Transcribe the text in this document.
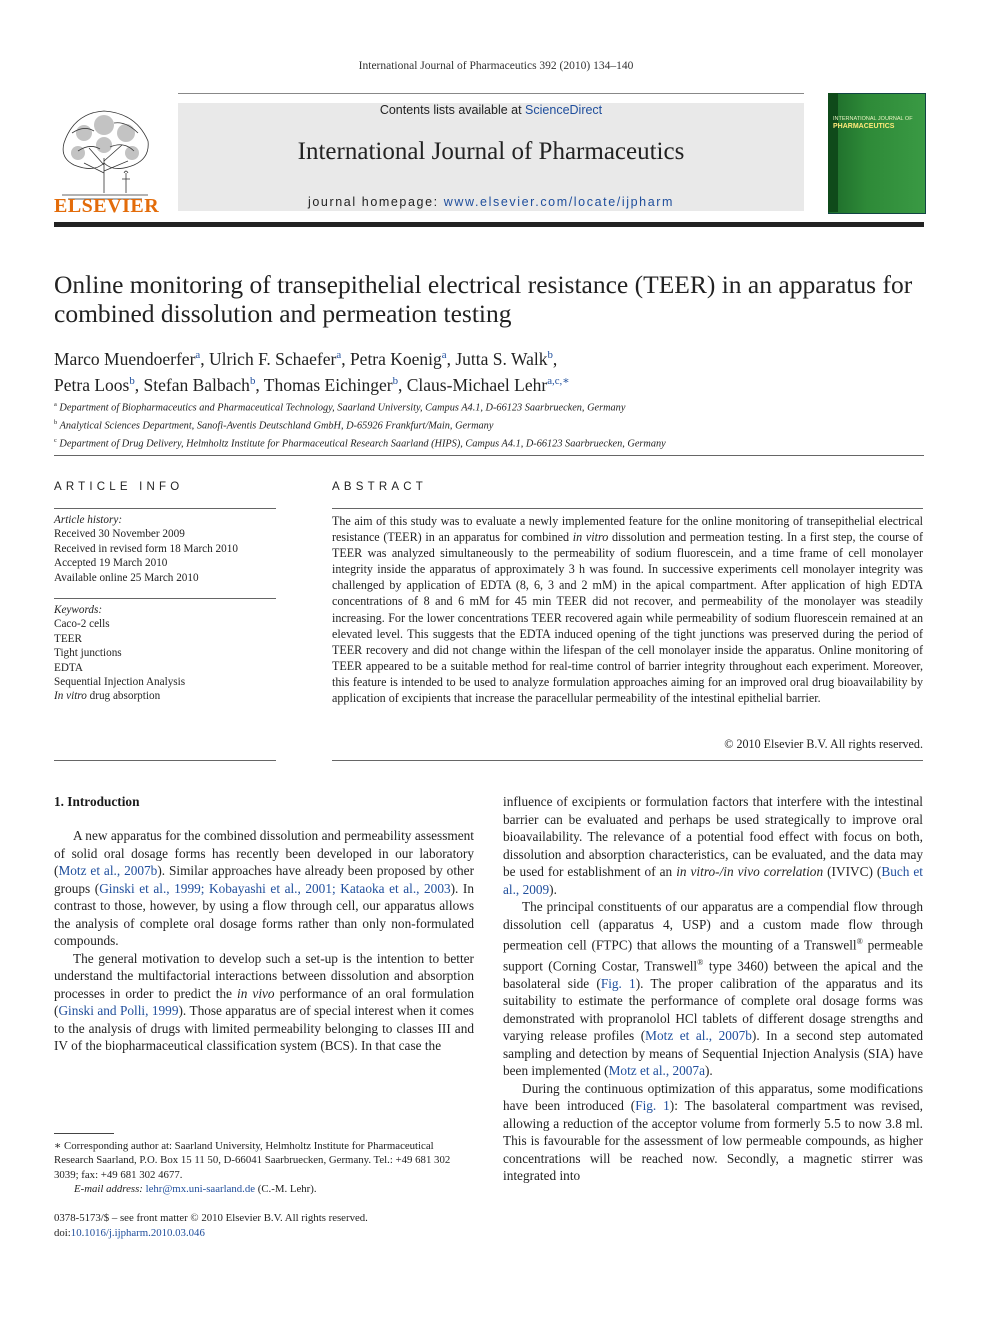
International Journal of Pharmaceutics 392 (2010) 134–140
ELSEVIER
Contents lists available at ScienceDirect
International Journal of Pharmaceutics
journal homepage: www.elsevier.com/locate/ijpharm
INTERNATIONAL JOURNAL OF
PHARMACEUTICS
Online monitoring of transepithelial electrical resistance (TEER) in an apparatus for combined dissolution and permeation testing
Marco Muendoerfer$^a$, Ulrich F. Schaefer$^a$, Petra Koenig$^a$, Jutta S. Walk$^b$,
Petra Loos$^b$, Stefan Balbach$^b$, Thomas Eichinger$^b$, Claus-Michael Lehr$^{a,c,∗}$
$^a$ Department of Biopharmaceutics and Pharmaceutical Technology, Saarland University, Campus A4.1, D-66123 Saarbruecken, Germany
$^b$ Analytical Sciences Department, Sanofi-Aventis Deutschland GmbH, D-65926 Frankfurt/Main, Germany
$^c$ Department of Drug Delivery, Helmholtz Institute for Pharmaceutical Research Saarland (HIPS), Campus A4.1, D-66123 Saarbruecken, Germany
ARTICLE INFO	ABSTRACT
Article history:
Received 30 November 2009
Received in revised form 18 March 2010
Accepted 19 March 2010
Available online 25 March 2010
Keywords:
Caco-2 cells
TEER
Tight junctions
EDTA
Sequential Injection Analysis
In vitro drug absorption
The aim of this study was to evaluate a newly implemented feature for the online monitoring of transepithelial electrical resistance (TEER) in an apparatus for combined in vitro dissolution and permeation testing. In a first step, the course of TEER was analyzed simultaneously to the permeability of sodium fluorescein, and a time frame of cell monolayer integrity inside the apparatus of approximately 3 h was found. In successive experiments cell monolayer integrity was challenged by application of EDTA (8, 6, 3 and 2 mM) in the apical compartment. After application of high EDTA concentrations of 8 and 6 mM for 45 min TEER did not recover, and permeability of the monolayer was steadily increasing. For the lower concentrations TEER recovered again while permeability of sodium fluorescein remained at an elevated level. This suggests that the EDTA induced opening of the tight junctions was preserved during the period of TEER recovery and did not change within the lifespan of the cell monolayer inside the apparatus. Online monitoring of TEER appeared to be a suitable method for real-time control of barrier integrity throughout each experiment. Moreover, this feature is intended to be used to analyze formulation approaches aiming for an improved oral drug bioavailability by application of excipients that increase the paracellular permeability of the intestinal epithelial barrier.
© 2010 Elsevier B.V. All rights reserved.
1. Introduction

A new apparatus for the combined dissolution and permeability assessment of solid oral dosage forms has recently been developed in our laboratory (Motz et al., 2007b). Similar approaches have already been proposed by other groups (Ginski et al., 1999; Kobayashi et al., 2001; Kataoka et al., 2003). In contrast to those, however, by using a flow through cell, our apparatus allows the analysis of complete oral dosage forms rather than only non-formulated compounds.

The general motivation to develop such a set-up is the intention to better understand the multifactorial interactions between dissolution and absorption processes in order to predict the in vivo performance of an oral formulation (Ginski and Polli, 1999). Those apparatus are of special interest when it comes to the analysis of drugs with limited permeability belonging to classes III and IV of the biopharmaceutical classification system (BCS). In that case the

influence of excipients or formulation factors that interfere with the intestinal barrier can be evaluated and perhaps be used strategically to improve oral bioavailability. The relevance of a potential food effect with focus on both, dissolution and absorption characteristics, can be evaluated, and the data may be used for establishment of an in vitro-/in vivo correlation (IVIVC) (Buch et al., 2009).

The principal constituents of our apparatus are a compendial flow through dissolution cell (apparatus 4, USP) and a custom made flow through permeation cell (FTPC) that allows the mounting of a Transwell® permeable support (Corning Costar, Transwell® type 3460) between the apical and the basolateral side (Fig. 1). The proper calibration of the apparatus and its suitability to estimate the performance of complete oral dosage forms was demonstrated with propranolol HCl tablets of different dosage strengths and varying release profiles (Motz et al., 2007b). In a second step automated sampling and detection by means of Sequential Injection Analysis (SIA) have been implemented (Motz et al., 2007a).

During the continuous optimization of this apparatus, some modifications have been introduced (Fig. 1): The basolateral compartment was revised, allowing a reduction of the acceptor volume from formerly 5.5 to now 3.8 ml. This is favourable for the assessment of low permeable compounds, as higher concentrations will be reached now. Secondly, a magnetic stirrer was integrated into

∗ Corresponding author at: Saarland University, Helmholtz Institute for Pharmaceutical Research Saarland, P.O. Box 15 11 50, D-66041 Saarbruecken, Germany. Tel.: +49 681 302 3039; fax: +49 681 302 4677.
E-mail address: lehr@mx.uni-saarland.de (C.-M. Lehr).
0378-5173/$ – see front matter © 2010 Elsevier B.V. All rights reserved.
doi:10.1016/j.ijpharm.2010.03.046
